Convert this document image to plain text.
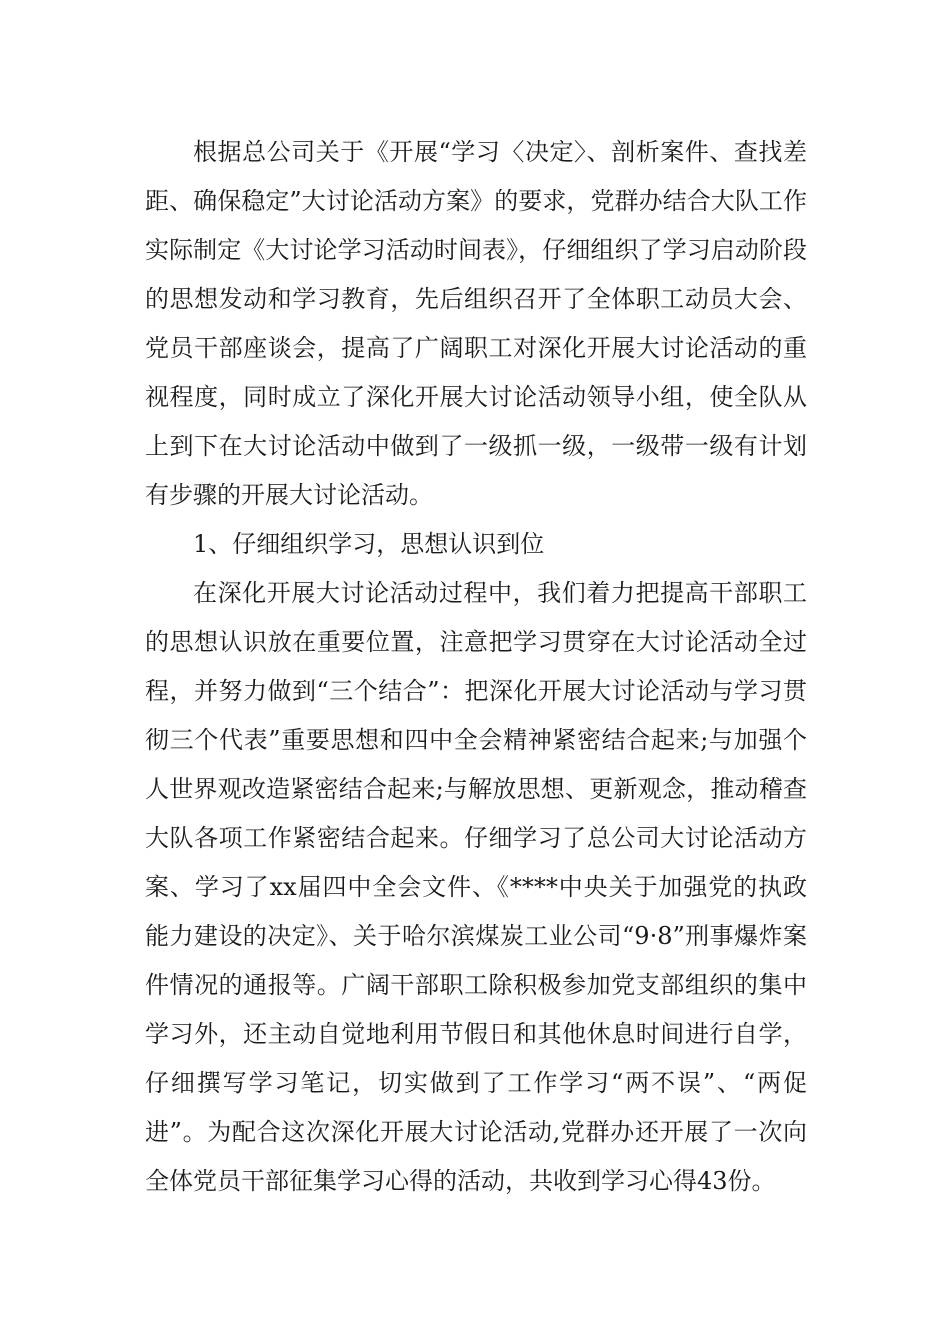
根据总公司关于《开展“学习〈决定〉、剖析案件、查找差距、确保稳定”大讨论活动方案》的要求，党群办结合大队工作实际制定《大讨论学习活动时间表》，仔细组织了学习启动阶段的思想发动和学习教育，先后组织召开了全体职工动员大会、党员干部座谈会，提高了广阔职工对深化开展大讨论活动的重视程度，同时成立了深化开展大讨论活动领导小组，使全队从上到下在大讨论活动中做到了一级抓一级，一级带一级有计划有步骤的开展大讨论活动。

1、仔细组织学习，思想认识到位

在深化开展大讨论活动过程中，我们着力把提高干部职工的思想认识放在重要位置，注意把学习贯穿在大讨论活动全过程，并努力做到“三个结合”：把深化开展大讨论活动与学习贯彻三个代表”重要思想和四中全会精神紧密结合起来;与加强个人世界观改造紧密结合起来;与解放思想、更新观念，推动稽查大队各项工作紧密结合起来。仔细学习了总公司大讨论活动方案、学习了xx届四中全会文件、《****中央关于加强党的执政能力建设的决定》、关于哈尔滨煤炭工业公司“9·8”刑事爆炸案件情况的通报等。广阔干部职工除积极参加党支部组织的集中学习外，还主动自觉地利用节假日和其他休息时间进行自学，仔细撰写学习笔记，切实做到了工作学习“两不误”、“两促进”。为配合这次深化开展大讨论活动,党群办还开展了一次向全体党员干部征集学习心得的活动，共收到学习心得43份。
